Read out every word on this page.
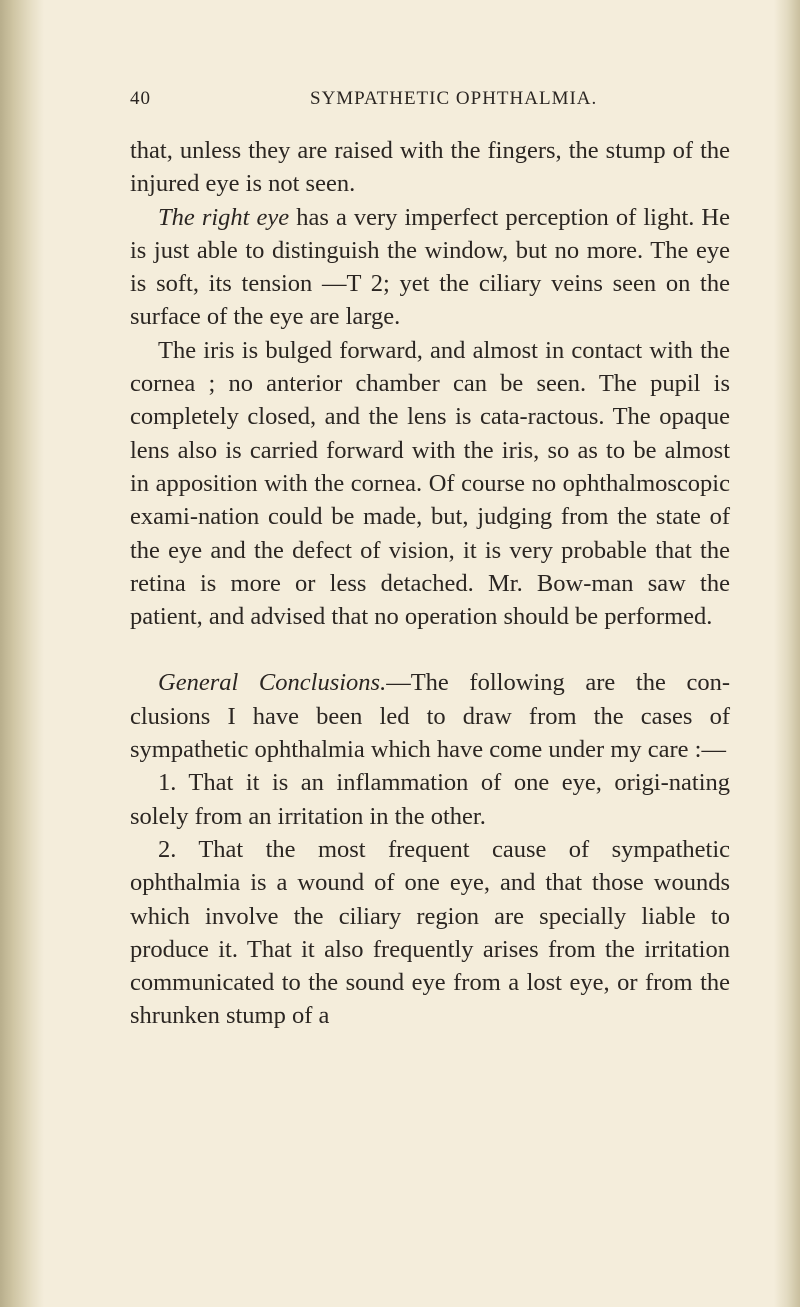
40	SYMPATHETIC OPHTHALMIA.

that, unless they are raised with the fingers, the stump of the injured eye is not seen.

The right eye has a very imperfect perception of light. He is just able to distinguish the window, but no more. The eye is soft, its tension —T 2; yet the ciliary veins seen on the surface of the eye are large.

The iris is bulged forward, and almost in contact with the cornea ; no anterior chamber can be seen. The pupil is completely closed, and the lens is cata-ractous. The opaque lens also is carried forward with the iris, so as to be almost in apposition with the cornea. Of course no ophthalmoscopic exami-nation could be made, but, judging from the state of the eye and the defect of vision, it is very probable that the retina is more or less detached. Mr. Bow-man saw the patient, and advised that no operation should be performed.

General Conclusions.—The following are the con-clusions I have been led to draw from the cases of sympathetic ophthalmia which have come under my care :—

1. That it is an inflammation of one eye, origi-nating solely from an irritation in the other.

2. That the most frequent cause of sympathetic ophthalmia is a wound of one eye, and that those wounds which involve the ciliary region are specially liable to produce it. That it also frequently arises from the irritation communicated to the sound eye from a lost eye, or from the shrunken stump of a
